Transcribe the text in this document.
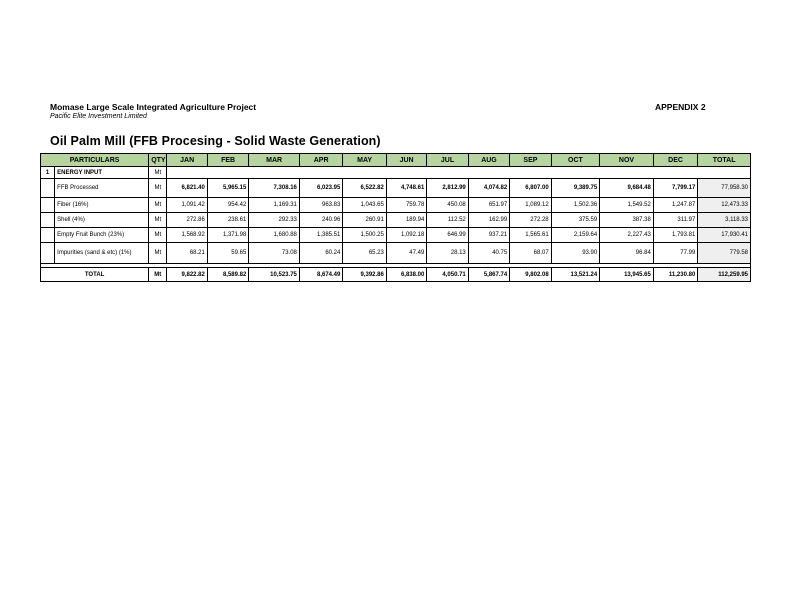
Momase Large Scale Integrated Agriculture Project
Pacific Elite Investment Limited
APPENDIX 2
Oil Palm Mill (FFB Procesing - Solid Waste Generation)
PARTICULARS		QTY	JAN	FEB	MAR	APR	MAY	JUN	JUL	AUG	SEP	OCT	NOV	DEC	TOTAL
1	ENERGY INPUT	Mt													
	FFB Processed	Mt	6,821.40	5,965.15	7,308.16	6,023.95	6,522.82	4,748.61	2,812.99	4,074.82	6,807.00	9,389.75	9,684.48	7,799.17	77,958.30
	Fiber (16%)	Mt	1,091.42	954.42	1,169.31	963.83	1,043.65	759.78	450.08	651.97	1,089.12	1,502.36	1,549.52	1,247.87	12,473.33
	Shell (4%)	Mt	272.86	238.61	292.33	240.96	260.91	189.94	112.52	162.99	272.28	375.59	387.38	311.97	3,118.33
	Empty Fruit Bunch (23%)	Mt	1,568.92	1,371.98	1,680.88	1,385.51	1,500.25	1,092.18	646.99	937.21	1,565.61	2,159.64	2,227.43	1,793.81	17,930.41
	Impurities (sand & etc) (1%)	Mt	68.21	59.65	73.08	60.24	65.23	47.49	28.13	40.75	68.07	93.90	96.84	77.99	779.58

TOTAL		Mt	9,822.82	8,589.82	10,523.75	8,674.49	9,392.86	6,838.00	4,050.71	5,867.74	9,802.08	13,521.24	13,945.65	11,230.80	112,259.95
